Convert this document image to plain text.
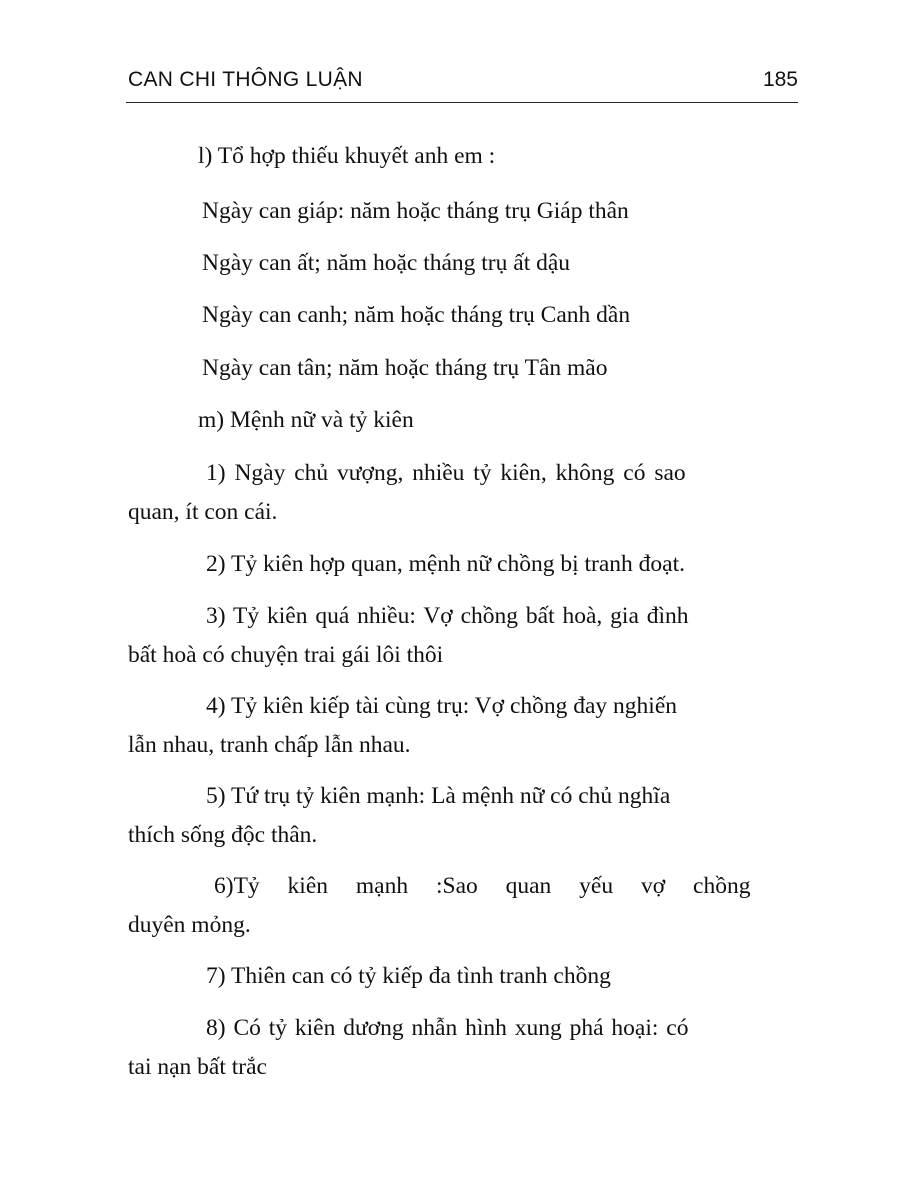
CAN CHI THÔNG LUẬN	185
l) Tổ hợp thiếu khuyết anh em :
Ngày can giáp: năm hoặc tháng trụ Giáp thân
Ngày can ất; năm hoặc tháng trụ ất dậu
Ngày can canh; năm hoặc tháng trụ Canh dần
Ngày can tân; năm hoặc tháng trụ Tân mão
m) Mệnh nữ và tỷ kiên
1) Ngày chủ vượng, nhiều tỷ kiên, không có sao
quan, ít con cái.
2) Tỷ kiên hợp quan, mệnh nữ chồng bị tranh đoạt.
3) Tỷ kiên quá nhiều: Vợ chồng bất hoà, gia đình
bất hoà có chuyện trai gái lôi thôi
4) Tỷ kiên kiếp tài cùng trụ: Vợ chồng đay nghiến
lẫn nhau, tranh chấp lẫn nhau.
5) Tứ trụ tỷ kiên mạnh: Là mệnh nữ có chủ nghĩa
thích sống độc thân.
6)Tỷ kiên mạnh :Sao quan yếu vợ chồng
duyên mỏng.
7) Thiên can có tỷ kiếp đa tình tranh chồng
8) Có tỷ kiên dương nhẫn hình xung phá hoại: có
tai nạn bất trắc
